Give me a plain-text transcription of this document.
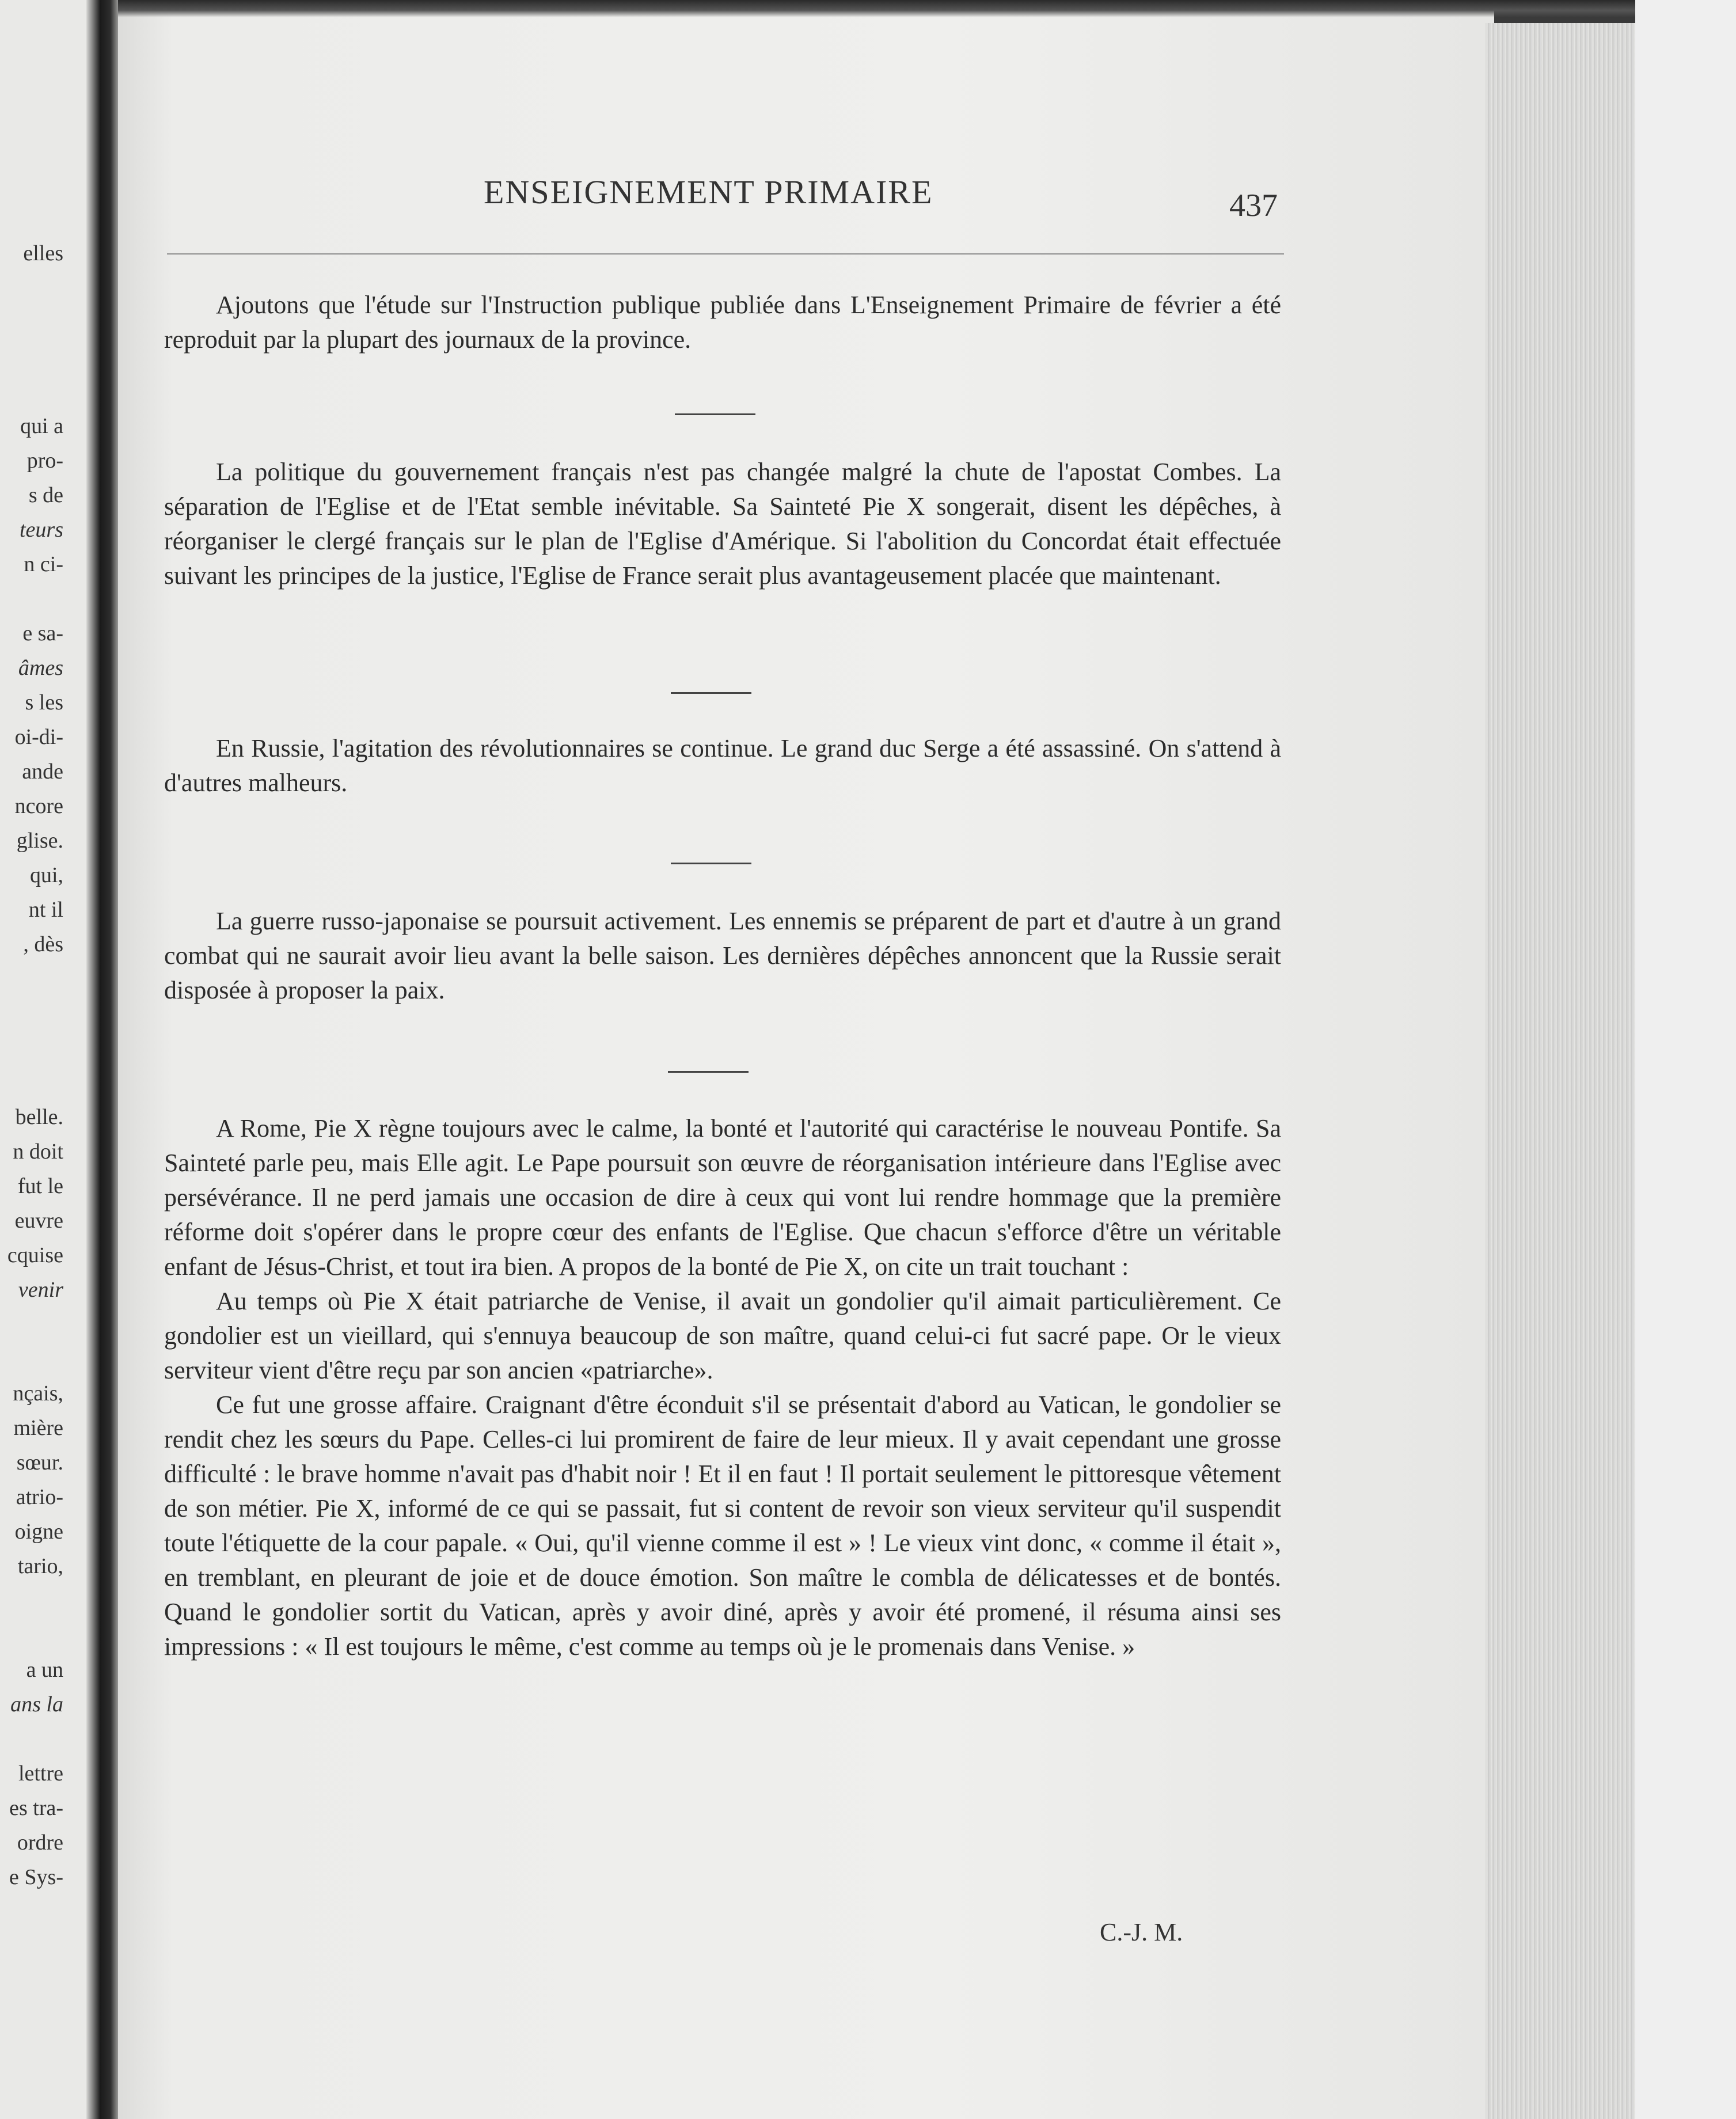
elles

qui a
pro-
s de
teurs
n ci-

e sa-
âmes
s les
oi-di-
ande
ncore
glise.
qui,
nt il
, dès

belle.
n doit
fut le
euvre
cquise
venir

nçais,
mière
sœur.
atrio-
oigne
tario,

a un
ans la

lettre
es tra-
ordre
e Sys-
ENSEIGNEMENT PRIMAIRE	437

Ajoutons que l'étude sur l'Instruction publique publiée dans L'Enseignement Primaire de février a été reproduit par la plupart des journaux de la province.

La politique du gouvernement français n'est pas changée malgré la chute de l'apostat Combes. La séparation de l'Eglise et de l'Etat semble inévitable. Sa Sainteté Pie X songerait, disent les dépêches, à réorganiser le clergé français sur le plan de l'Eglise d'Amérique. Si l'abolition du Concordat était effectuée suivant les principes de la justice, l'Eglise de France serait plus avantageusement placée que maintenant.

En Russie, l'agitation des révolutionnaires se continue. Le grand duc Serge a été assassiné. On s'attend à d'autres malheurs.

La guerre russo-japonaise se poursuit activement. Les ennemis se préparent de part et d'autre à un grand combat qui ne saurait avoir lieu avant la belle saison. Les dernières dépêches annoncent que la Russie serait disposée à proposer la paix.

A Rome, Pie X règne toujours avec le calme, la bonté et l'autorité qui caractérise le nouveau Pontife. Sa Sainteté parle peu, mais Elle agit. Le Pape poursuit son œuvre de réorganisation intérieure dans l'Eglise avec persévérance. Il ne perd jamais une occasion de dire à ceux qui vont lui rendre hommage que la première réforme doit s'opérer dans le propre cœur des enfants de l'Eglise. Que chacun s'efforce d'être un véritable enfant de Jésus-Christ, et tout ira bien. A propos de la bonté de Pie X, on cite un trait touchant :

Au temps où Pie X était patriarche de Venise, il avait un gondolier qu'il aimait particulièrement. Ce gondolier est un vieillard, qui s'ennuya beaucoup de son maître, quand celui-ci fut sacré pape. Or le vieux serviteur vient d'être reçu par son ancien «patriarche».

Ce fut une grosse affaire. Craignant d'être éconduit s'il se présentait d'abord au Vatican, le gondolier se rendit chez les sœurs du Pape. Celles-ci lui promirent de faire de leur mieux. Il y avait cependant une grosse difficulté : le brave homme n'avait pas d'habit noir ! Et il en faut ! Il portait seulement le pittoresque vêtement de son métier. Pie X, informé de ce qui se passait, fut si content de revoir son vieux serviteur qu'il suspendit toute l'étiquette de la cour papale. « Oui, qu'il vienne comme il est » ! Le vieux vint donc, « comme il était », en tremblant, en pleurant de joie et de douce émotion. Son maître le combla de délicatesses et de bontés. Quand le gondolier sortit du Vatican, après y avoir diné, après y avoir été promené, il résuma ainsi ses impressions : « Il est toujours le même, c'est comme au temps où je le promenais dans Venise. »

C.-J. M.
